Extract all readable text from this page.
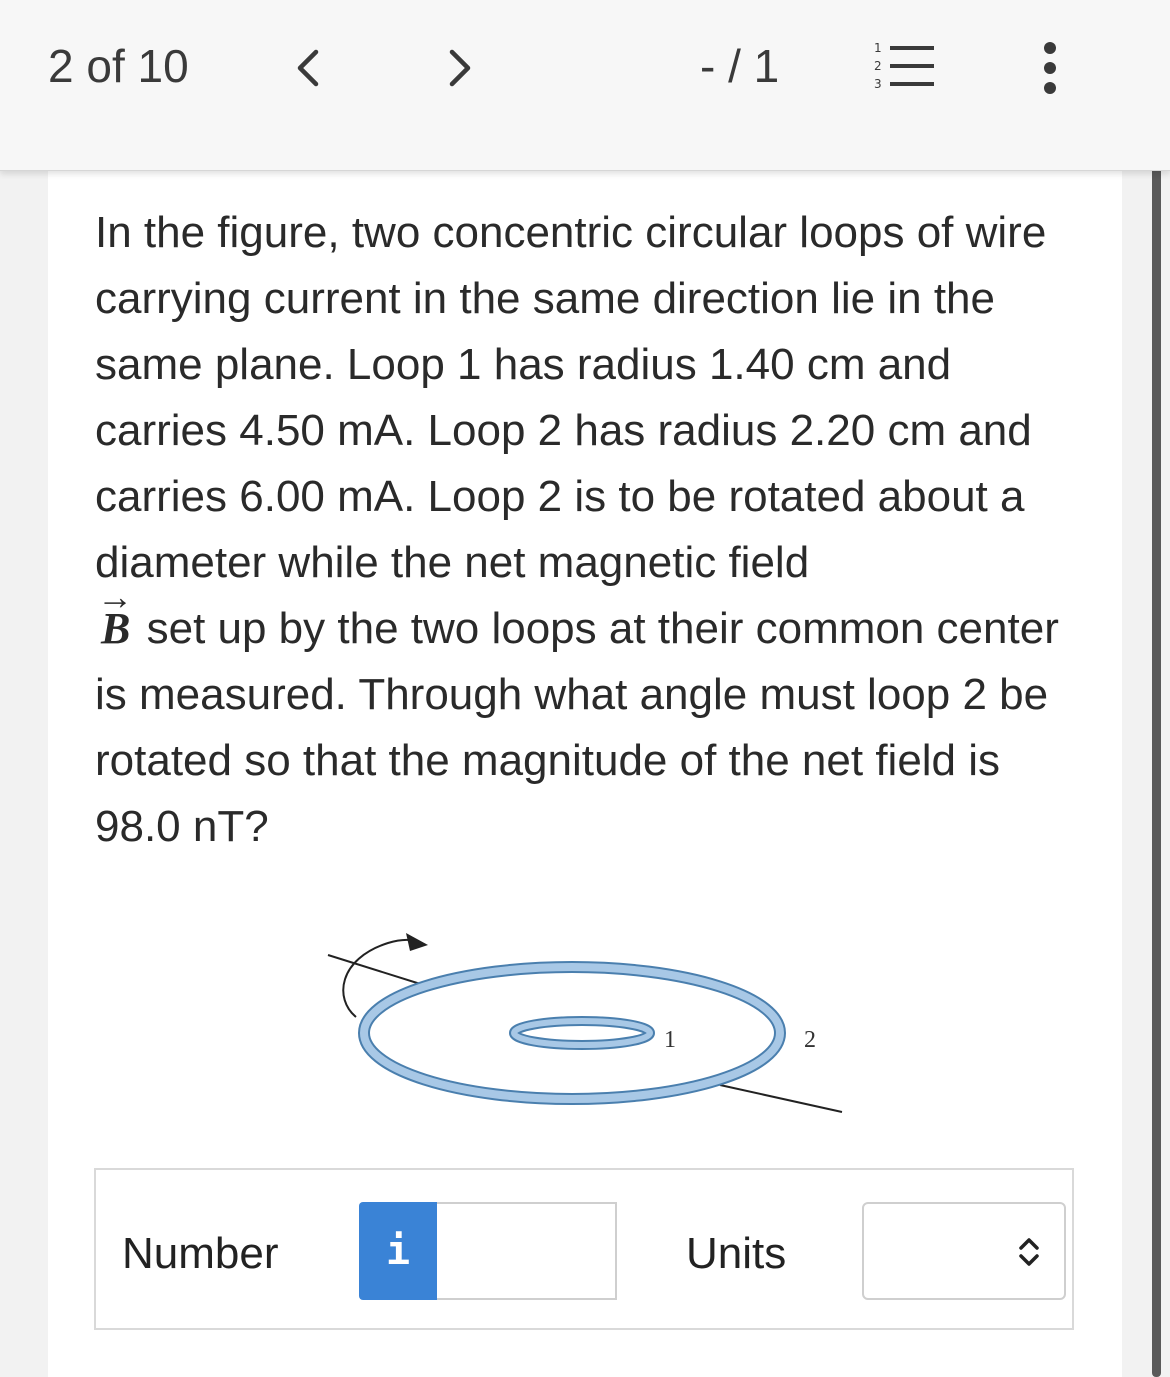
2 of 10	- / 1	1
2
3

In the figure, two concentric circular loops of wire carrying current in the same direction lie in the same plane. Loop 1 has radius 1.40 cm and carries 4.50 mA. Loop 2 has radius 2.20 cm and carries 6.00 mA. Loop 2 is to be rotated about a diameter while the net magnetic field

→
B set up by the two loops at their common center is measured. Through what angle must loop 2 be rotated so that the magnitude of the net field is 98.0 nT?

1	2
Number	i	Units
